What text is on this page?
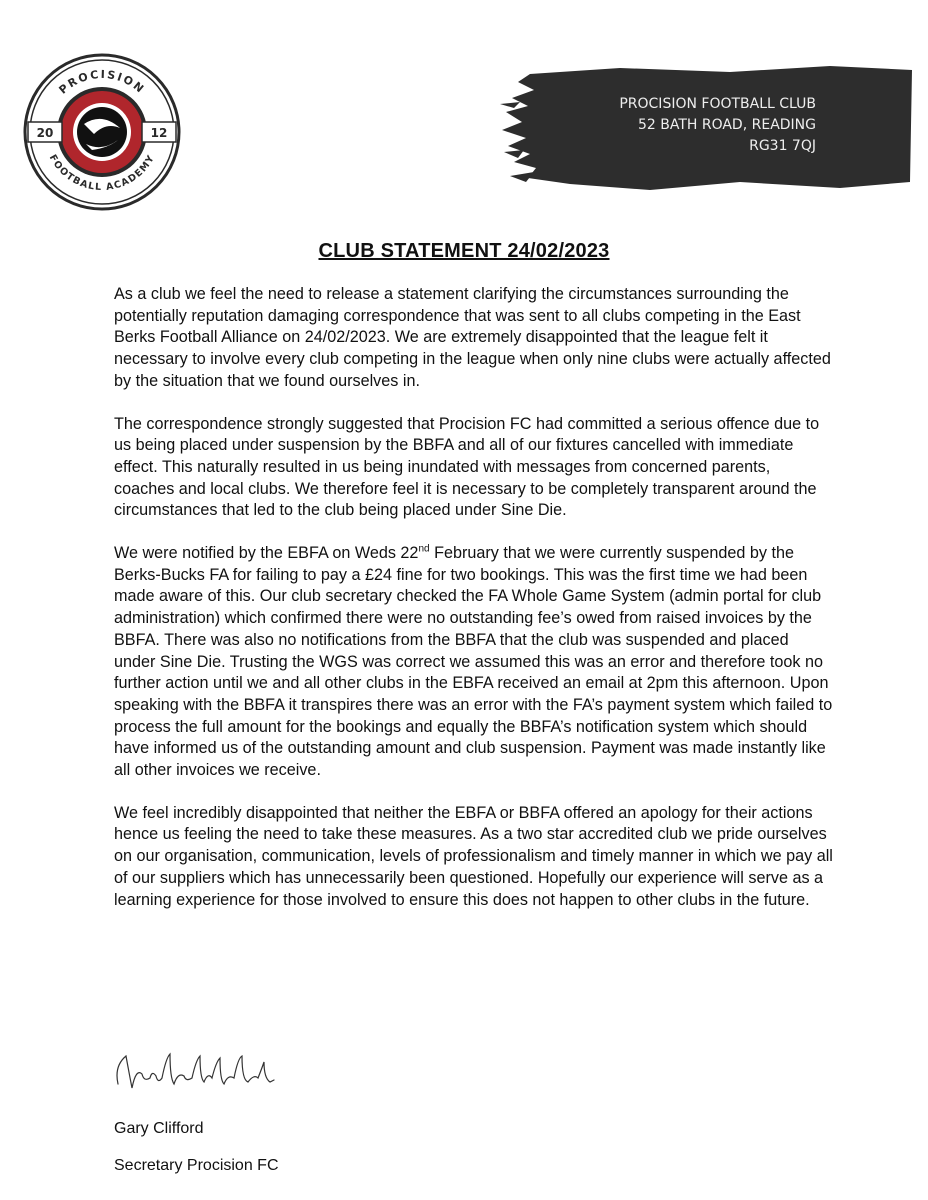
20	12
PROCISION
FOOTBALL ACADEMY
PROCISION FOOTBALL CLUB
52 BATH ROAD, READING
RG31 7QJ
CLUB STATEMENT 24/02/2023

As a club we feel the need to release a statement clarifying the circumstances surrounding the potentially reputation damaging correspondence that was sent to all clubs competing in the East Berks Football Alliance on 24/02/2023. We are extremely disappointed that the league felt it necessary to involve every club competing in the league when only nine clubs were actually affected by the situation that we found ourselves in.

The correspondence strongly suggested that Procision FC had committed a serious offence due to us being placed under suspension by the BBFA and all of our fixtures cancelled with immediate effect. This naturally resulted in us being inundated with messages from concerned parents, coaches and local clubs. We therefore feel it is necessary to be completely transparent around the circumstances that led to the club being placed under Sine Die.

We were notified by the EBFA on Weds 22nd February that we were currently suspended by the Berks-Bucks FA for failing to pay a £24 fine for two bookings. This was the first time we had been made aware of this. Our club secretary checked the FA Whole Game System (admin portal for club administration) which confirmed there were no outstanding fee’s owed from raised invoices by the BBFA. There was also no notifications from the BBFA that the club was suspended and placed under Sine Die. Trusting the WGS was correct we assumed this was an error and therefore took no further action until we and all other clubs in the EBFA received an email at 2pm this afternoon. Upon speaking with the BBFA it transpires there was an error with the FA’s payment system which failed to process the full amount for the bookings and equally the BBFA’s notification system which should have informed us of the outstanding amount and club suspension. Payment was made instantly like all other invoices we receive.

We feel incredibly disappointed that neither the EBFA or BBFA offered an apology for their actions hence us feeling the need to take these measures. As a two star accredited club we pride ourselves on our organisation, communication, levels of professionalism and timely manner in which we pay all of our suppliers which has unnecessarily been questioned. Hopefully our experience will serve as a learning experience for those involved to ensure this does not happen to other clubs in the future.

Gary Clifford
Secretary Procision FC
